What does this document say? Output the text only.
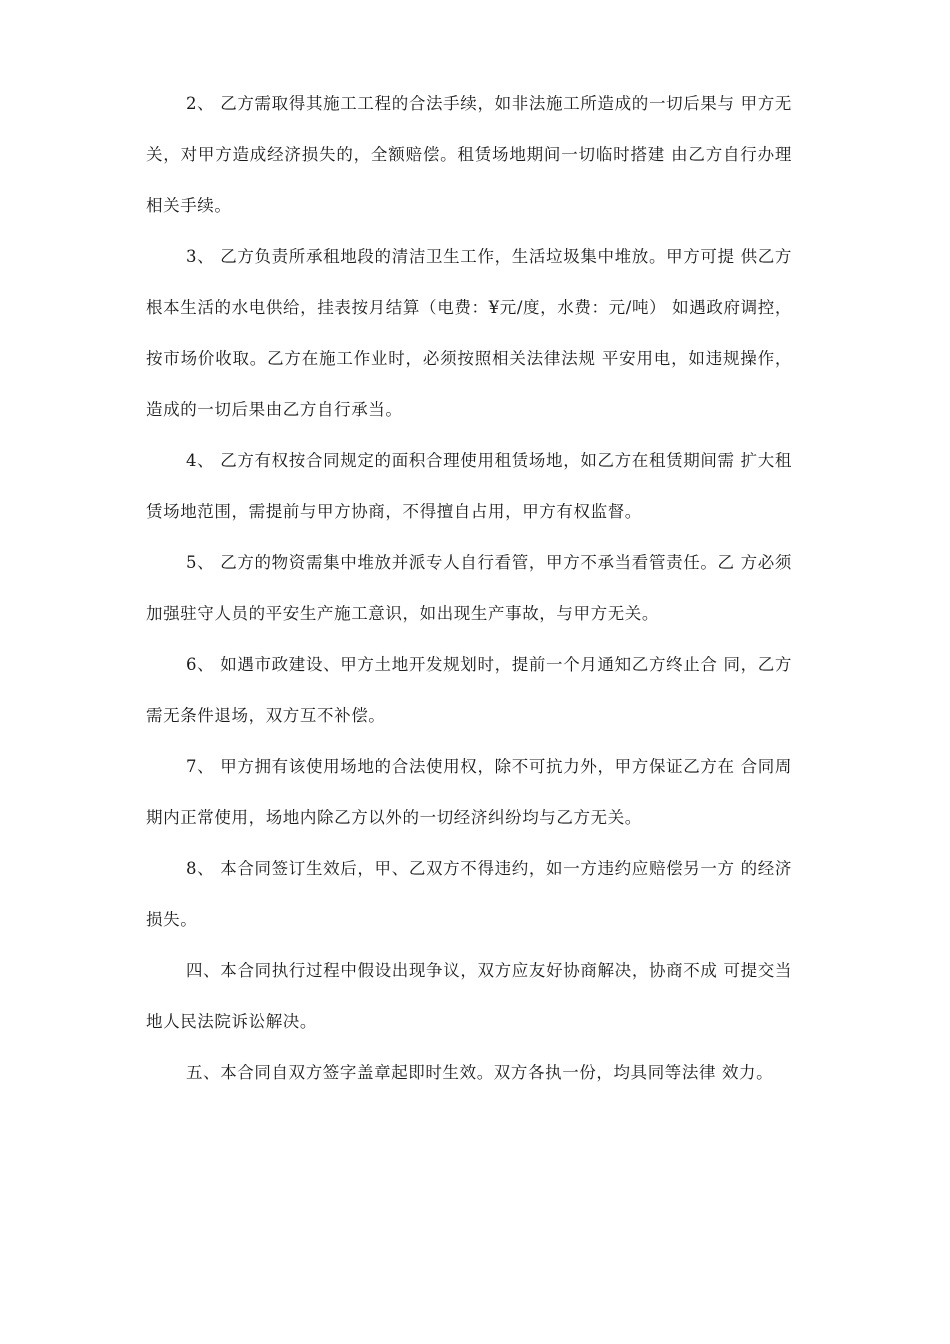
2、 乙方需取得其施工工程的合法手续，如非法施工所造成的一切后果与 甲方无关，对甲方造成经济损失的，全额赔偿。租赁场地期间一切临时搭建 由乙方自行办理相关手续。

3、 乙方负责所承租地段的清洁卫生工作，生活垃圾集中堆放。甲方可提 供乙方根本生活的水电供给，挂表按月结算（电费：¥元/度，水费：元/吨） 如遇政府调控，按市场价收取。乙方在施工作业时，必须按照相关法律法规 平安用电，如违规操作，造成的一切后果由乙方自行承当。

4、 乙方有权按合同规定的面积合理使用租赁场地，如乙方在租赁期间需 扩大租赁场地范围，需提前与甲方协商，不得擅自占用，甲方有权监督。

5、 乙方的物资需集中堆放并派专人自行看管，甲方不承当看管责任。乙 方必须加强驻守人员的平安生产施工意识，如出现生产事故，与甲方无关。

6、 如遇市政建设、甲方土地开发规划时，提前一个月通知乙方终止合 同，乙方需无条件退场，双方互不补偿。

7、 甲方拥有该使用场地的合法使用权，除不可抗力外，甲方保证乙方在 合同周期内正常使用，场地内除乙方以外的一切经济纠纷均与乙方无关。

8、 本合同签订生效后，甲、乙双方不得违约，如一方违约应赔偿另一方 的经济损失。

四、本合同执行过程中假设出现争议，双方应友好协商解决，协商不成 可提交当地人民法院诉讼解决。

五、本合同自双方签字盖章起即时生效。双方各执一份，均具同等法律 效力。
